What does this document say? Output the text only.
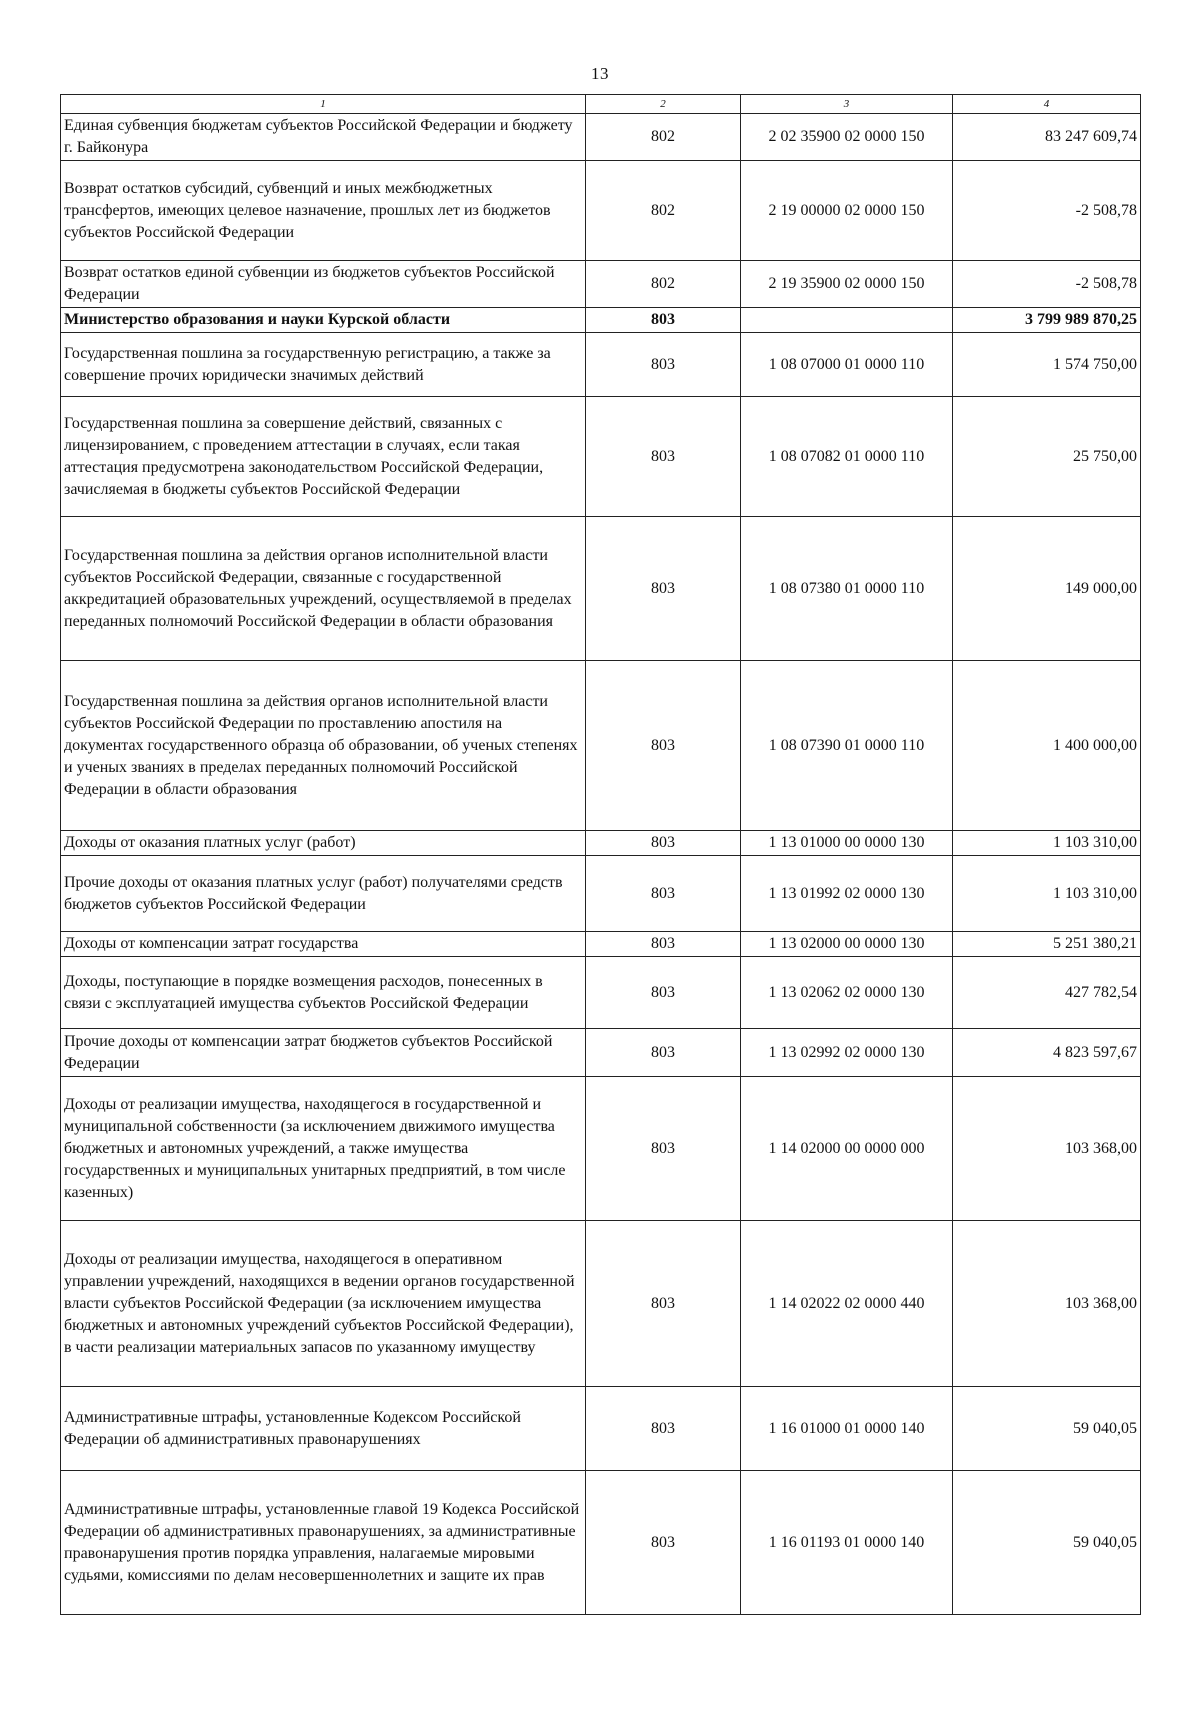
13
1	2	3	4
Единая субвенция бюджетам субъектов Российской Федерации и бюджету г. Байконура	802	2 02 35900 02 0000 150	83 247 609,74
Возврат остатков субсидий, субвенций и иных межбюджетных трансфертов, имеющих целевое назначение, прошлых лет из бюджетов субъектов Российской Федерации	802	2 19 00000 02 0000 150	-2 508,78
Возврат остатков единой субвенции из бюджетов субъектов Российской Федерации	802	2 19 35900 02 0000 150	-2 508,78
Министерство образования и науки Курской области	803		3 799 989 870,25
Государственная пошлина за государственную регистрацию, а также за совершение прочих юридически значимых действий	803	1 08 07000 01 0000 110	1 574 750,00
Государственная пошлина за совершение действий, связанных с лицензированием, с проведением аттестации в случаях, если такая аттестация предусмотрена законодательством Российской Федерации, зачисляемая в бюджеты субъектов Российской Федерации	803	1 08 07082 01 0000 110	25 750,00
Государственная пошлина за действия органов исполнительной власти субъектов Российской Федерации, связанные с государственной аккредитацией образовательных учреждений, осуществляемой в пределах переданных полномочий Российской Федерации в области образования	803	1 08 07380 01 0000 110	149 000,00
Государственная пошлина за действия органов исполнительной власти субъектов Российской Федерации по проставлению апостиля на документах государственного образца об образовании, об ученых степенях и ученых званиях в пределах переданных полномочий Российской Федерации в области образования	803	1 08 07390 01 0000 110	1 400 000,00
Доходы от оказания платных услуг (работ)	803	1 13 01000 00 0000 130	1 103 310,00
Прочие доходы от оказания платных услуг (работ) получателями средств бюджетов субъектов Российской Федерации	803	1 13 01992 02 0000 130	1 103 310,00
Доходы от компенсации затрат государства	803	1 13 02000 00 0000 130	5 251 380,21
Доходы, поступающие в порядке возмещения расходов, понесенных в связи с эксплуатацией имущества субъектов Российской Федерации	803	1 13 02062 02 0000 130	427 782,54
Прочие доходы от компенсации затрат бюджетов субъектов Российской Федерации	803	1 13 02992 02 0000 130	4 823 597,67
Доходы от реализации имущества, находящегося в государственной и муниципальной собственности (за исключением движимого имущества бюджетных и автономных учреждений, а также имущества государственных и муниципальных унитарных предприятий, в том числе казенных)	803	1 14 02000 00 0000 000	103 368,00
Доходы от реализации имущества, находящегося в оперативном управлении учреждений, находящихся в ведении органов государственной власти субъектов Российской Федерации (за исключением имущества бюджетных и автономных учреждений субъектов Российской Федерации), в части реализации материальных запасов по указанному имуществу	803	1 14 02022 02 0000 440	103 368,00
Административные штрафы, установленные Кодексом Российской Федерации об административных правонарушениях	803	1 16 01000 01 0000 140	59 040,05
Административные штрафы, установленные главой 19 Кодекса Российской Федерации об административных правонарушениях, за административные правонарушения против порядка управления, налагаемые мировыми судьями, комиссиями по делам несовершеннолетних и защите их прав	803	1 16 01193 01 0000 140	59 040,05
